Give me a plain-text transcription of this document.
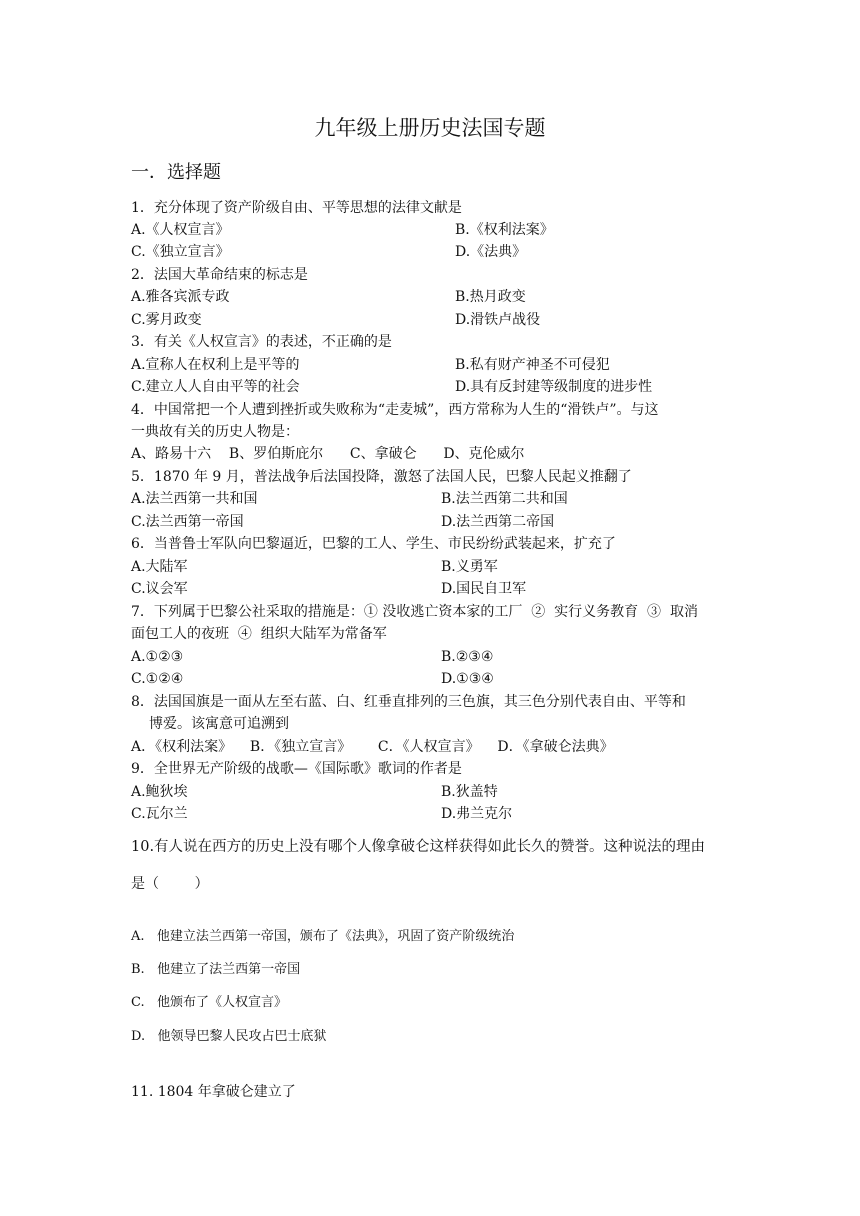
九年级上册历史法国专题
一．选择题
1．充分体现了资产阶级自由、平等思想的法律文献是
A.《人权宣言》	B.《权利法案》
C.《独立宣言》	D.《法典》
2．法国大革命结束的标志是
A.雅各宾派专政	B.热月政变
C.雾月政变	D.滑铁卢战役
3．有关《人权宣言》的表述，不正确的是
A.宣称人在权利上是平等的	B.私有财产神圣不可侵犯
C.建立人人自由平等的社会	D.具有反封建等级制度的进步性
4．中国常把一个人遭到挫折或失败称为“走麦城”，西方常称为人生的“滑铁卢”。与这
一典故有关的历史人物是：
A、路易十六    B、罗伯斯庇尔      C、拿破仑      D、克伦威尔
5．1870 年 9 月，普法战争后法国投降，激怒了法国人民，巴黎人民起义推翻了
A.法兰西第一共和国	B.法兰西第二共和国
C.法兰西第一帝国	D.法兰西第二帝国
6．当普鲁士军队向巴黎逼近，巴黎的工人、学生、市民纷纷武装起来，扩充了
A.大陆军	B.义勇军
C.议会军	D.国民自卫军
7．下列属于巴黎公社采取的措施是：① 没收逃亡资本家的工厂  ②  实行义务教育  ③  取消
面包工人的夜班  ④  组织大陆军为常备军
A.①②③	B.②③④
C.①②④	D.①③④
8．法国国旗是一面从左至右蓝、白、红垂直排列的三色旗，其三色分别代表自由、平等和
博爱。该寓意可追溯到
A．《权利法案》    B．《独立宣言》      C．《人权宣言》    D．《拿破仑法典》
9．全世界无产阶级的战歌—《国际歌》歌词的作者是
A.鲍狄埃	B.狄盖特
C.瓦尔兰	D.弗兰克尔
10.有人说在西方的历史上没有哪个人像拿破仑这样获得如此长久的赞誉。这种说法的理由
是（        ）
A.   他建立法兰西第一帝国，颁布了《法典》，巩固了资产阶级统治
B.   他建立了法兰西第一帝国
C.   他颁布了《人权宣言》
D.   他领导巴黎人民攻占巴士底狱
11. 1804 年拿破仑建立了
